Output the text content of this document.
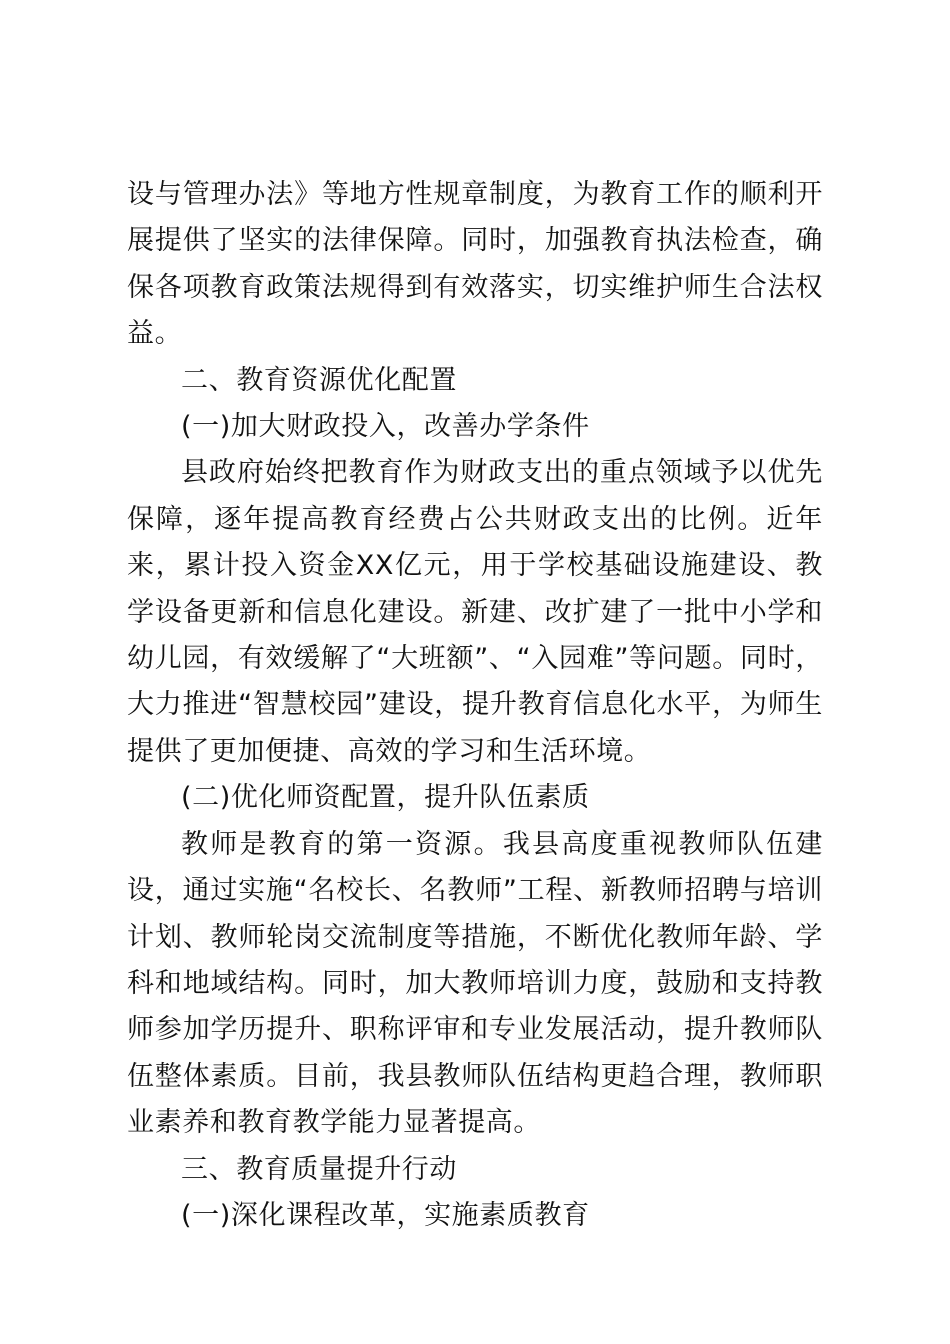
设与管理办法》等地方性规章制度，为教育工作的顺利开展提供了坚实的法律保障。同时，加强教育执法检查，确保各项教育政策法规得到有效落实，切实维护师生合法权益。

二、教育资源优化配置

(一)加大财政投入，改善办学条件

县政府始终把教育作为财政支出的重点领域予以优先保障，逐年提高教育经费占公共财政支出的比例。近年来，累计投入资金XX亿元，用于学校基础设施建设、教学设备更新和信息化建设。新建、改扩建了一批中小学和幼儿园，有效缓解了“大班额”、“入园难”等问题。同时，大力推进“智慧校园”建设，提升教育信息化水平，为师生提供了更加便捷、高效的学习和生活环境。

(二)优化师资配置，提升队伍素质

教师是教育的第一资源。我县高度重视教师队伍建设，通过实施“名校长、名教师”工程、新教师招聘与培训计划、教师轮岗交流制度等措施，不断优化教师年龄、学科和地域结构。同时，加大教师培训力度，鼓励和支持教师参加学历提升、职称评审和专业发展活动，提升教师队伍整体素质。目前，我县教师队伍结构更趋合理，教师职业素养和教育教学能力显著提高。

三、教育质量提升行动

(一)深化课程改革，实施素质教育
